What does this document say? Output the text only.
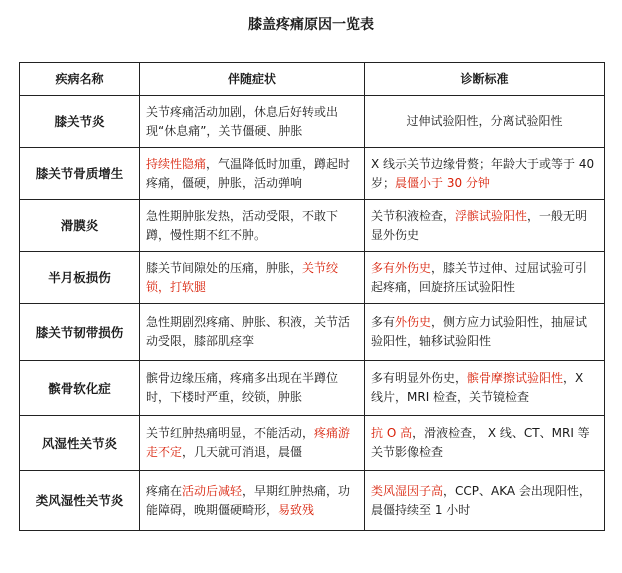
膝盖疼痛原因一览表
疾病名称	伴随症状	诊断标准
膝关节炎	关节疼痛活动加剧，休息后好转或出现“休息痛”，关节僵硬、肿胀	过伸试验阳性，分离试验阳性
膝关节骨质增生	持续性隐痛，气温降低时加重，蹲起时疼痛，僵硬，肿胀，活动弹响	X 线示关节边缘骨赘；年龄大于或等于 40 岁；晨僵小于 30 分钟
滑膜炎	急性期肿胀发热，活动受限，不敢下蹲，慢性期不红不肿。	关节积液检查，浮髌试验阳性，一般无明显外伤史
半月板损伤	膝关节间隙处的压痛，肿胀，关节绞锁，打软腿	多有外伤史，膝关节过伸、过屈试验可引起疼痛，回旋挤压试验阳性
膝关节韧带损伤	急性期剧烈疼痛、肿胀、积液，关节活动受限，膝部肌痉挛	多有外伤史，侧方应力试验阳性，抽屉试验阳性，轴移试验阳性
髌骨软化症	髌骨边缘压痛，疼痛多出现在半蹲位时，下楼时严重，绞锁，肿胀	多有明显外伤史，髌骨摩擦试验阳性，X 线片，MRI 检查，关节镜检查
风湿性关节炎	关节红肿热痛明显，不能活动，疼痛游走不定，几天就可消退，晨僵	抗 O 高，滑液检查， X 线、CT、MRI 等关节影像检查
类风湿性关节炎	疼痛在活动后减轻，早期红肿热痛，功能障碍，晚期僵硬畸形，易致残	类风湿因子高，CCP、AKA 会出现阳性，晨僵持续至 1 小时
